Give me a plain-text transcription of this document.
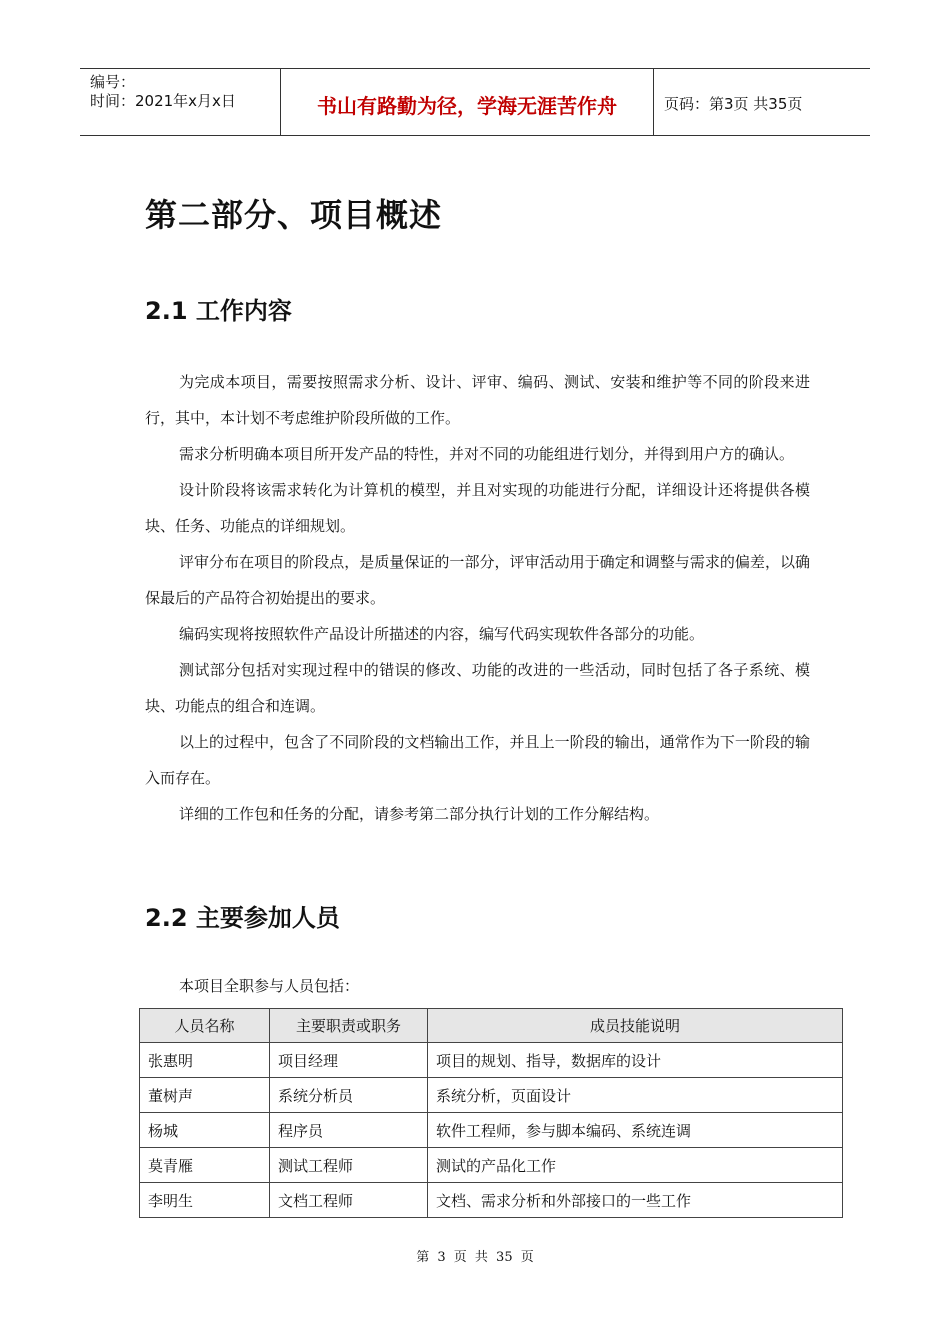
编号：
时间：2021年x月x日	书山有路勤为径，学海无涯苦作舟	页码：第3页 共35页
第二部分、项目概述
2.1 工作内容

为完成本项目，需要按照需求分析、设计、评审、编码、测试、安装和维护等不同的阶段来进行，其中，本计划不考虑维护阶段所做的工作。

需求分析明确本项目所开发产品的特性，并对不同的功能组进行划分，并得到用户方的确认。

设计阶段将该需求转化为计算机的模型，并且对实现的功能进行分配，详细设计还将提供各模块、任务、功能点的详细规划。

评审分布在项目的阶段点，是质量保证的一部分，评审活动用于确定和调整与需求的偏差，以确保最后的产品符合初始提出的要求。

编码实现将按照软件产品设计所描述的内容，编写代码实现软件各部分的功能。

测试部分包括对实现过程中的错误的修改、功能的改进的一些活动，同时包括了各子系统、模块、功能点的组合和连调。

以上的过程中，包含了不同阶段的文档输出工作，并且上一阶段的输出，通常作为下一阶段的输入而存在。

详细的工作包和任务的分配，请参考第二部分执行计划的工作分解结构。

2.2 主要参加人员
本项目全职参与人员包括：
人员名称	主要职责或职务	成员技能说明
张惠明	项目经理	项目的规划、指导，数据库的设计
董树声	系统分析员	系统分析，页面设计
杨城	程序员	软件工程师，参与脚本编码、系统连调
莫青雁	测试工程师	测试的产品化工作
李明生	文档工程师	文档、需求分析和外部接口的一些工作
第 3 页 共 35 页
